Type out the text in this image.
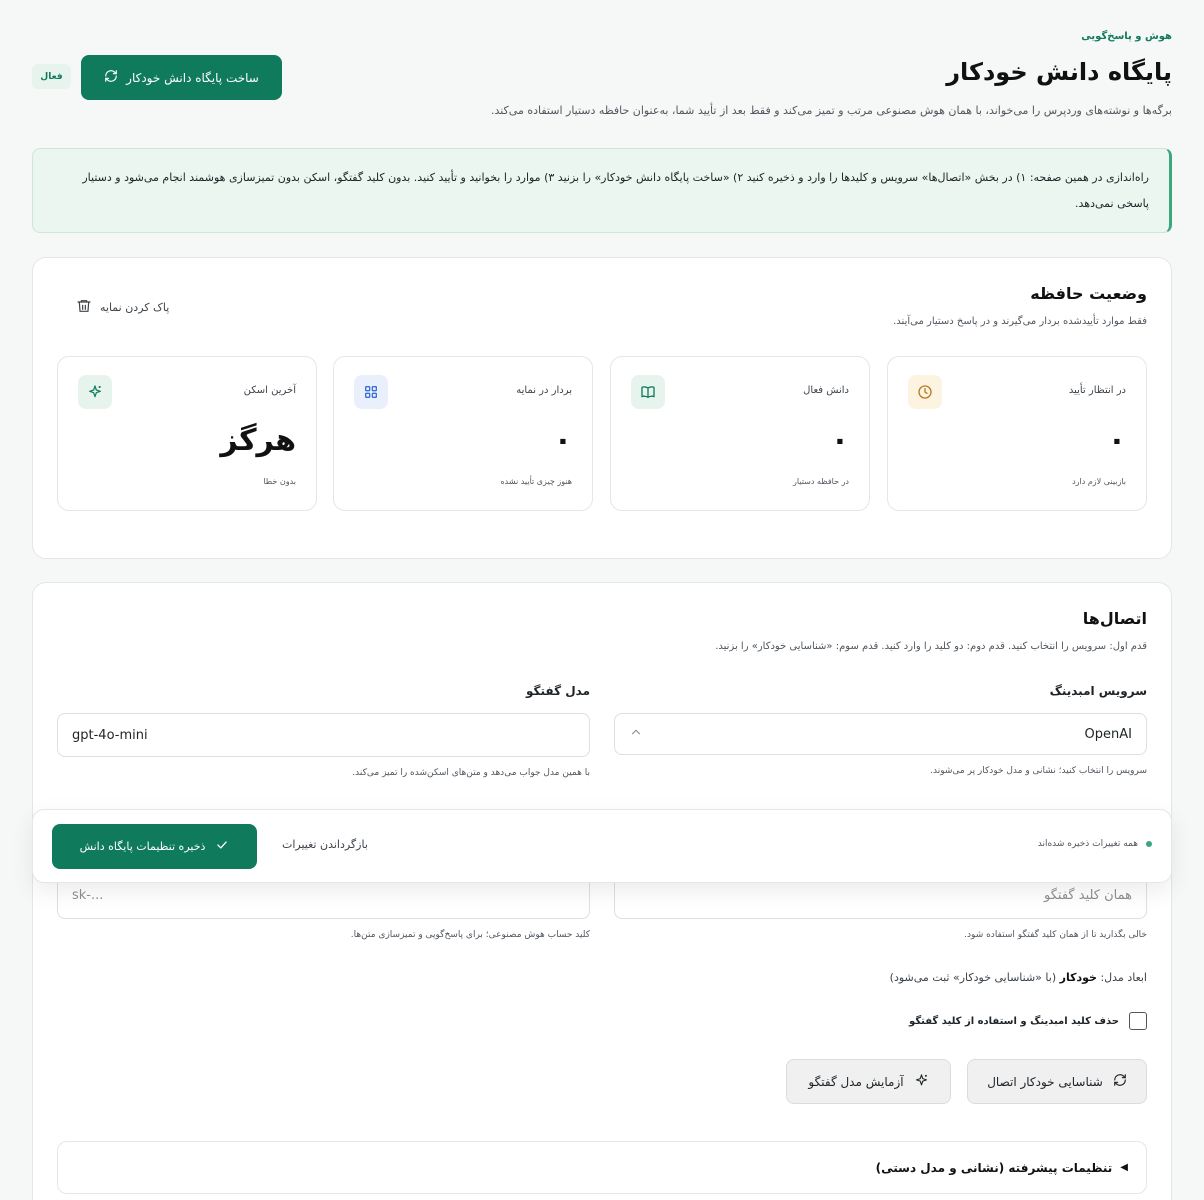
هوش و پاسخ‌گویی
پایگاه دانش خودکار
برگه‌ها و نوشته‌های وردپرس را می‌خواند، با همان هوش مصنوعی مرتب و تمیز می‌کند و فقط بعد از تأیید شما، به‌عنوان حافظه دستیار استفاده می‌کند.
ساخت پایگاه دانش خودکار
فعال
راه‌اندازی در همین صفحه: ۱) در بخش «اتصال‌ها» سرویس و کلیدها را وارد و ذخیره کنید ۲) «ساخت پایگاه دانش خودکار» را بزنید ۳) موارد را بخوانید و تأیید کنید. بدون کلید گفتگو، اسکن بدون تمیزسازی هوشمند انجام می‌شود و دستیار پاسخی نمی‌دهد.
وضعیت حافظه
فقط موارد تأییدشده بردار می‌گیرند و در پاسخ دستیار می‌آیند.
پاک کردن نمایه
در انتظار تأیید
۰
بازبینی لازم دارد
دانش فعال
۰
در حافظه دستیار
بردار در نمایه
۰
هنوز چیزی تأیید نشده
آخرین اسکن
هرگز
بدون خطا
اتصال‌ها
قدم اول: سرویس را انتخاب کنید. قدم دوم: دو کلید را وارد کنید. قدم سوم: «شناسایی خودکار» را بزنید.
سرویس امبدینگ
OpenAI
سرویس را انتخاب کنید؛ نشانی و مدل خودکار پر می‌شوند.
مدل گفتگو
gpt-4o-mini
با همین مدل جواب می‌دهد و متن‌های اسکن‌شده را تمیز می‌کند.
همان کلید گفتگو
خالی بگذارید تا از همان کلید گفتگو استفاده شود.
sk-...
کلید حساب هوش مصنوعی؛ برای پاسخ‌گویی و تمیزسازی متن‌ها.
ابعاد مدل: خودکار (با «شناسایی خودکار» ثبت می‌شود)
حذف کلید امبدینگ و استفاده از کلید گفتگو
شناسایی خودکار اتصال
آزمایش مدل گفتگو
◀
تنظیمات پیشرفته (نشانی و مدل دستی)
همه تغییرات ذخیره شده‌اند
بازگرداندن تغییرات
ذخیره تنظیمات پایگاه دانش
